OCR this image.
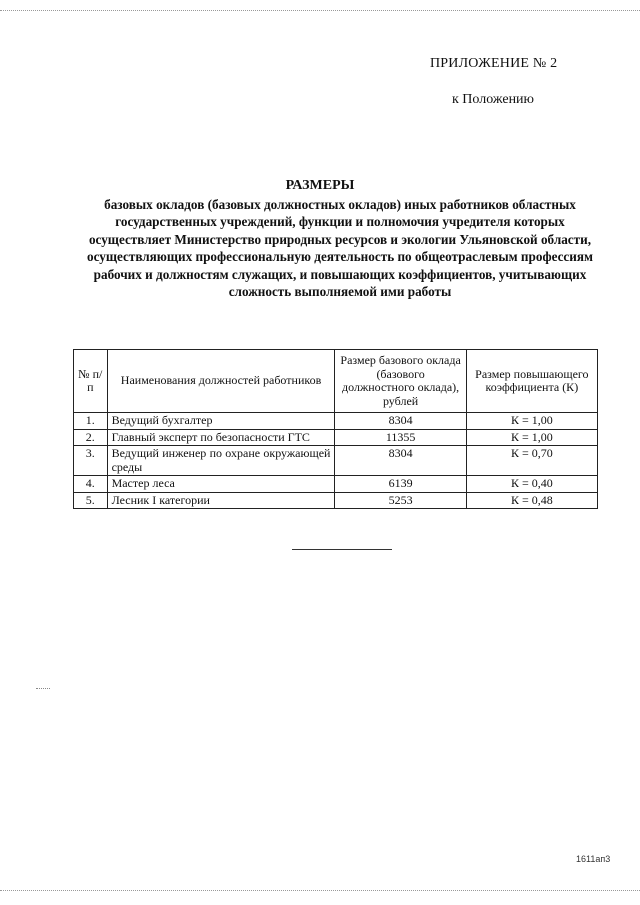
ПРИЛОЖЕНИЕ № 2
к Положению
РАЗМЕРЫ
базовых окладов (базовых должностных окладов) иных работников областных государственных учреждений, функции и полномочия учредителя которых осуществляет Министерство природных ресурсов и экологии Ульяновской области, осуществляющих профессиональную деятельность по общеотраслевым профессиям рабочих и должностям служащих, и повышающих коэффициентов, учитывающих сложность выполняемой ими работы
№ п/п	Наименования должностей работников	Размер базового оклада (базового должностного оклада), рублей	Размер повышающего коэффициента (К)
1.	Ведущий бухгалтер	8304	К = 1,00
2.	Главный эксперт по безопасности ГТС	11355	К = 1,00
3.	Ведущий инженер по охране окружающей среды	8304	К = 0,70
4.	Мастер леса	6139	К = 0,40
5.	Лесник I категории	5253	К = 0,48
1611ап3
